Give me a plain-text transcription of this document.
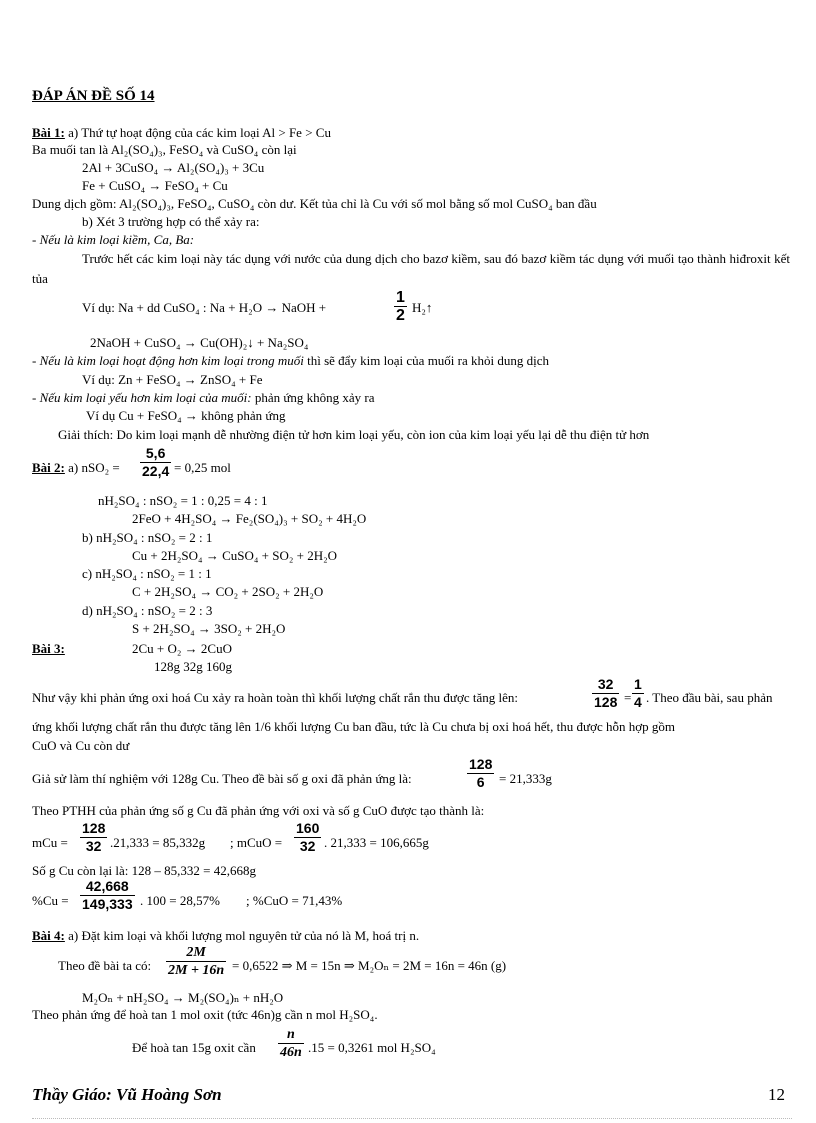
ĐÁP ÁN ĐỀ SỐ 14
Bài 1: a) Thứ tự hoạt động của các kim loại Al > Fe > Cu
Ba muối tan là Al₂(SO₄)₃, FeSO₄ và CuSO₄ còn lại
2Al + 3CuSO₄ → Al₂(SO₄)₃ + 3Cu
Fe + CuSO₄ → FeSO₄ + Cu
Dung dịch gồm: Al₂(SO₄)₃, FeSO₄, CuSO₄ còn dư. Kết tủa chỉ là Cu với số mol bằng số mol CuSO₄ ban đầu
b) Xét 3 trường hợp có thể xảy ra:
- Nếu là kim loại kiềm, Ca, Ba:
Trước hết các kim loại này tác dụng với nước của dung dịch cho bazơ kiềm, sau đó bazơ kiềm tác dụng với muối tạo thành hiđroxit kết tủa
Ví dụ: Na + dd CuSO₄ : Na + H₂O → NaOH +	$\frac{1}{2}$ H₂↑
2NaOH + CuSO₄ → Cu(OH)₂↓ + Na₂SO₄
- Nếu là kim loại hoạt động hơn kim loại trong muối thì sẽ đẩy kim loại của muối ra khỏi dung dịch
Ví dụ: Zn + FeSO₄ → ZnSO₄ + Fe
- Nếu kim loại yếu hơn kim loại của muối: phản ứng không xảy ra
Ví dụ Cu + FeSO₄ → không phản ứng
Giải thích: Do kim loại mạnh dễ nhường điện tử hơn kim loại yếu, còn ion của kim loại yếu lại dễ thu điện tử hơn
Bài 2: a) $nSO_2 = \frac{5,6}{22,4} = 0,25$ mol
nH₂SO₄ : nSO₂ = 1 : 0,25 = 4 : 1
2FeO + 4H₂SO₄ → Fe₂(SO₄)₃ + SO₂ + 4H₂O
b) nH₂SO₄ : nSO₂ = 2 : 1
Cu + 2H₂SO₄ → CuSO₄ + SO₂ + 2H₂O
c) nH₂SO₄ : nSO₂ = 1 : 1
C + 2H₂SO₄ → CO₂ + 2SO₂ + 2H₂O
d) nH₂SO₄ : nSO₂ = 2 : 3
S + 2H₂SO₄ → 3SO₂ + 2H₂O
Bài 3:	2Cu + O₂ → 2CuO
128g 32g 160g
Như vậy khi phản ứng oxi hoá Cu xảy ra hoàn toàn thì khối lượng chất rắn thu được tăng lên:	$\frac{32}{128} = \frac{1}{4}$ . Theo đầu bài, sau phản
ứng khối lượng chất rắn thu được tăng lên 1/6 khối lượng Cu ban đầu, tức là Cu chưa bị oxi hoá hết, thu được hỗn hợp gồm
CuO và Cu còn dư
Giả sử làm thí nghiệm với 128g Cu. Theo đề bài số g oxi đã phản ứng là:	$\frac{128}{6} = 21,333g$
Theo PTHH của phản ứng số g Cu đã phản ứng với oxi và số g CuO được tạo thành là:
mCu = $\frac{128}{32} .21,333 = 85,332g$ ; mCuO = $\frac{160}{32}$ . 21,333 = 106,665g
Số g Cu còn lại là: 128 – 85,332 = 42,668g
$\%Cu = \frac{42,668}{149,333}$ . 100 = 28,57% ; %CuO = 71,43%
Bài 4: a) Đặt kim loại và khối lượng mol nguyên tử của nó là M, hoá trị n.
Theo đề bài ta có: $\frac{2M}{2M + 16n} = 0,6522$ ⇒ M = 15n ⇒ M₂Oₙ = 2M = 16n = 46n (g)
M₂Oₙ + nH₂SO₄ → M₂(SO₄)ₙ + nH₂O
Theo phản ứng để hoà tan 1 mol oxit (tức 46n)g cần n mol H₂SO₄.
Để hoà tan 15g oxit cần $\frac{n}{46n} .15 = 0,3261$ mol H₂SO₄
Thầy Giáo: Vũ Hoàng Sơn	12
